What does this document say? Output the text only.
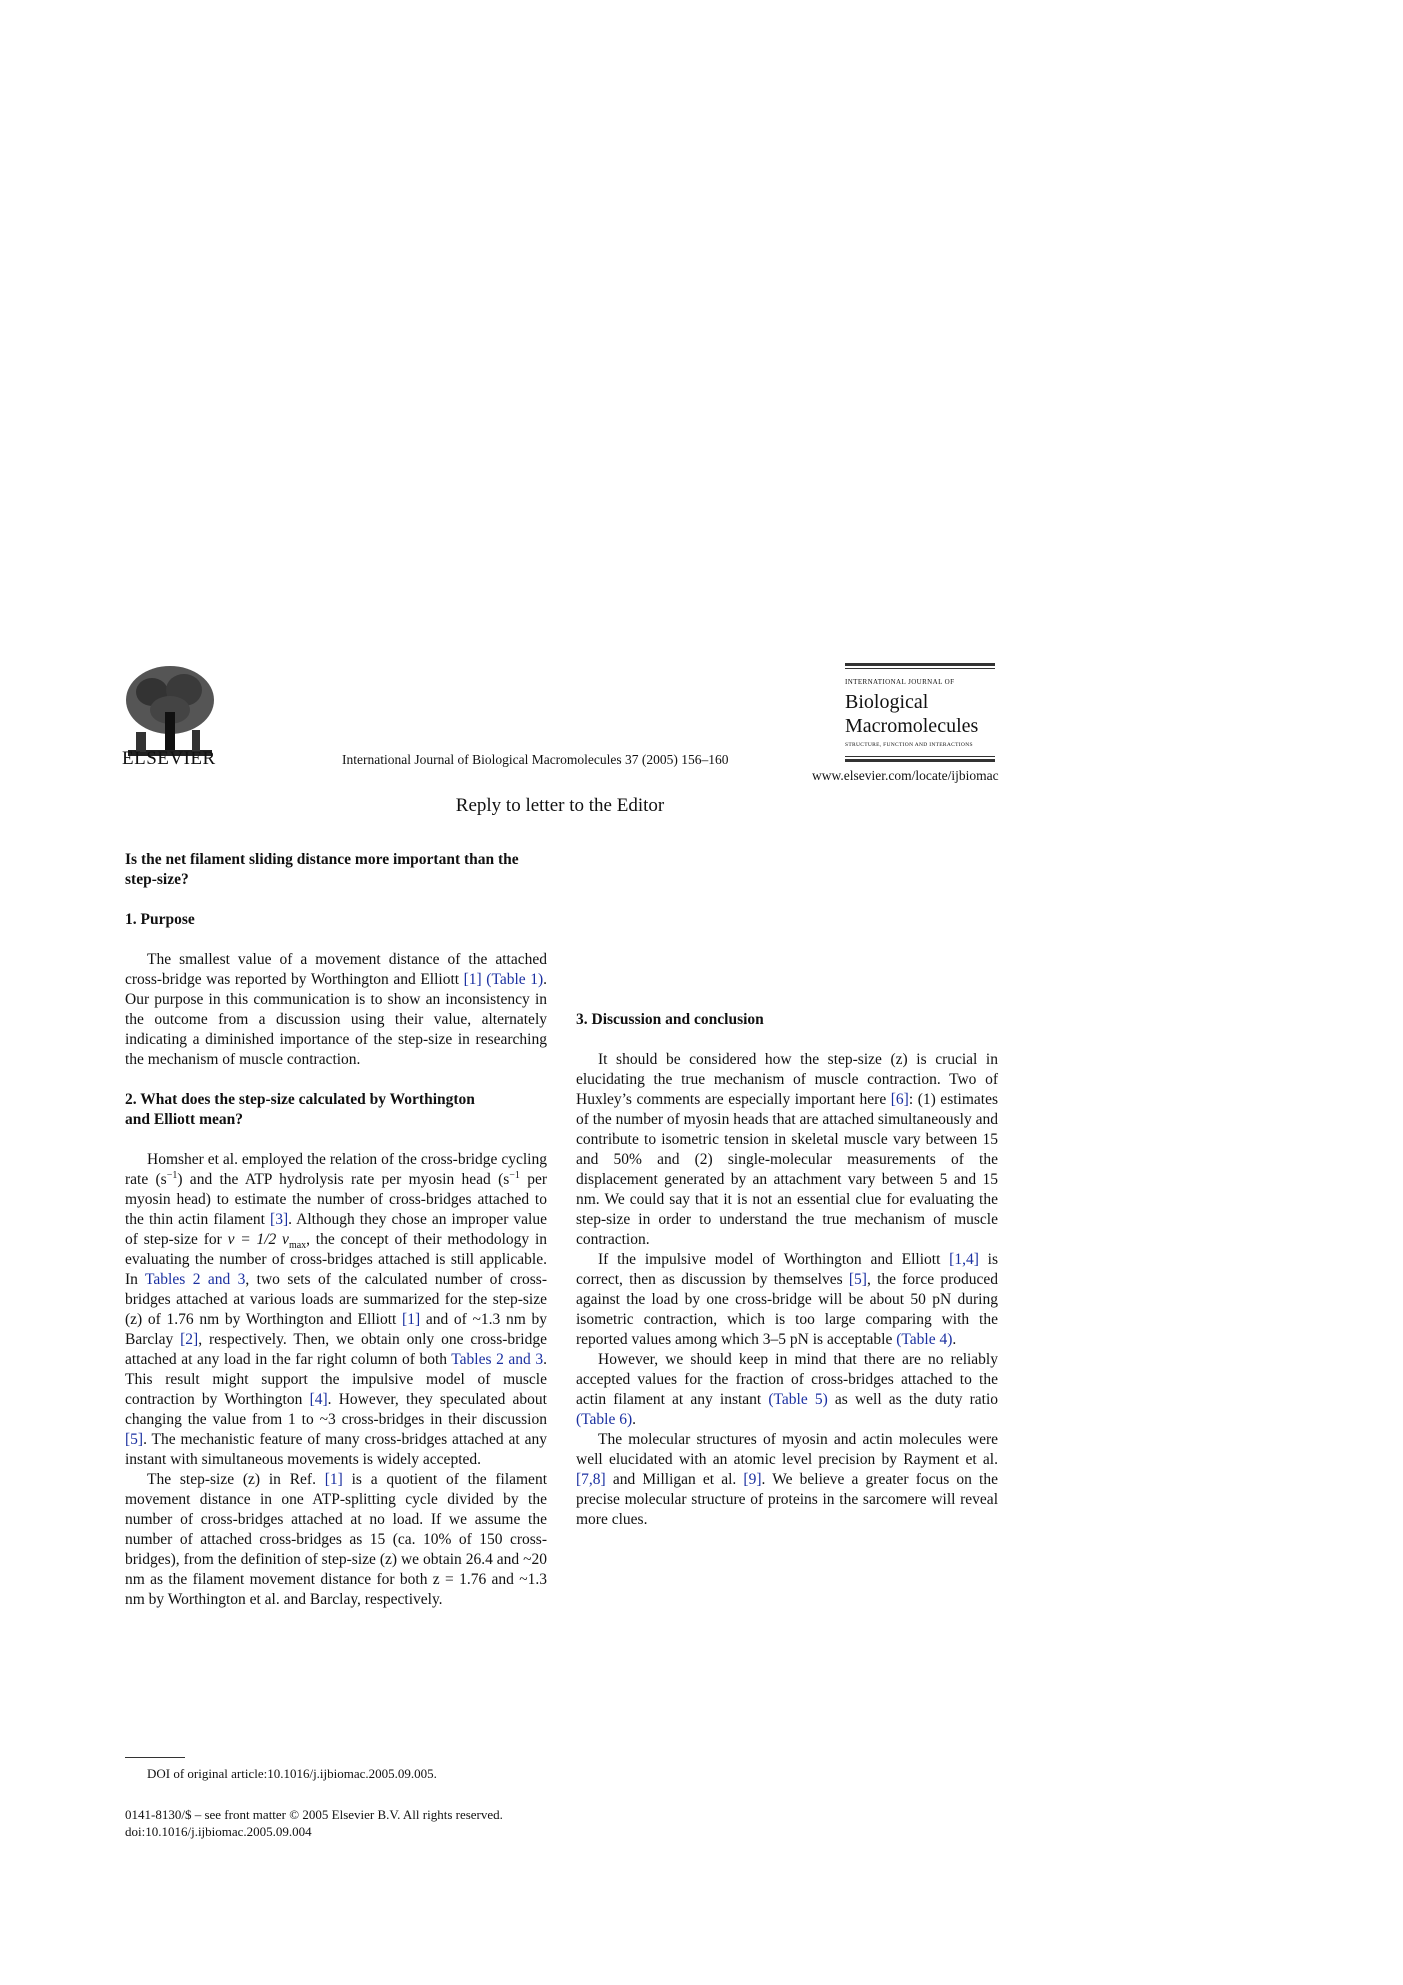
ELSEVIER	International Journal of Biological Macromolecules 37 (2005) 156–160
INTERNATIONAL JOURNAL OF
Biological
Macromolecules
STRUCTURE, FUNCTION AND INTERACTIONS
www.elsevier.com/locate/ijbiomac
Reply to letter to the Editor
Is the net filament sliding distance more important than the step-size?
1. Purpose

The smallest value of a movement distance of the attached cross-bridge was reported by Worthington and Elliott [1] (Table 1). Our purpose in this communication is to show an inconsistency in the outcome from a discussion using their value, alternately indicating a diminished importance of the step-size in researching the mechanism of muscle contraction.

2. What does the step-size calculated by Worthington
and Elliott mean?

Homsher et al. employed the relation of the cross-bridge cycling rate $(s^{-1})$ and the ATP hydrolysis rate per myosin head ($s^{-1}$ per myosin head) to estimate the number of cross-bridges attached to the thin actin filament [3]. Although they chose an improper value of step-size for v = 1/2 $v_{max}$, the concept of their methodology in evaluating the number of cross-bridges attached is still applicable. In Tables 2 and 3, two sets of the calculated number of cross-bridges attached at various loads are summarized for the step-size (z) of 1.76 nm by Worthington and Elliott [1] and of ~1.3 nm by Barclay [2], respectively. Then, we obtain only one cross-bridge attached at any load in the far right column of both Tables 2 and 3. This result might support the impulsive model of muscle contraction by Worthington [4]. However, they speculated about changing the value from 1 to ~3 cross-bridges in their discussion [5]. The mechanistic feature of many cross-bridges attached at any instant with simultaneous movements is widely accepted.

The step-size (z) in Ref. [1] is a quotient of the filament movement distance in one ATP-splitting cycle divided by the number of cross-bridges attached at no load. If we assume the number of attached cross-bridges as 15 (ca. 10% of 150 cross-bridges), from the definition of step-size (z) we obtain 26.4 and ~20 nm as the filament movement distance for both z = 1.76 and ~1.3 nm by Worthington et al. and Barclay, respectively.

3. Discussion and conclusion

It should be considered how the step-size (z) is crucial in elucidating the true mechanism of muscle contraction. Two of Huxley’s comments are especially important here [6]: (1) estimates of the number of myosin heads that are attached simultaneously and contribute to isometric tension in skeletal muscle vary between 15 and 50% and (2) single-molecular measurements of the displacement generated by an attachment vary between 5 and 15 nm. We could say that it is not an essential clue for evaluating the step-size in order to understand the true mechanism of muscle contraction.

If the impulsive model of Worthington and Elliott [1,4] is correct, then as discussion by themselves [5], the force produced against the load by one cross-bridge will be about 50 pN during isometric contraction, which is too large comparing with the reported values among which 3–5 pN is acceptable (Table 4).

However, we should keep in mind that there are no reliably accepted values for the fraction of cross-bridges attached to the actin filament at any instant (Table 5) as well as the duty ratio (Table 6).

The molecular structures of myosin and actin molecules were well elucidated with an atomic level precision by Rayment et al. [7,8] and Milligan et al. [9]. We believe a greater focus on the precise molecular structure of proteins in the sarcomere will reveal more clues.

DOI of original article:10.1016/j.ijbiomac.2005.09.005.
0141-8130/$ – see front matter © 2005 Elsevier B.V. All rights reserved.
doi:10.1016/j.ijbiomac.2005.09.004
